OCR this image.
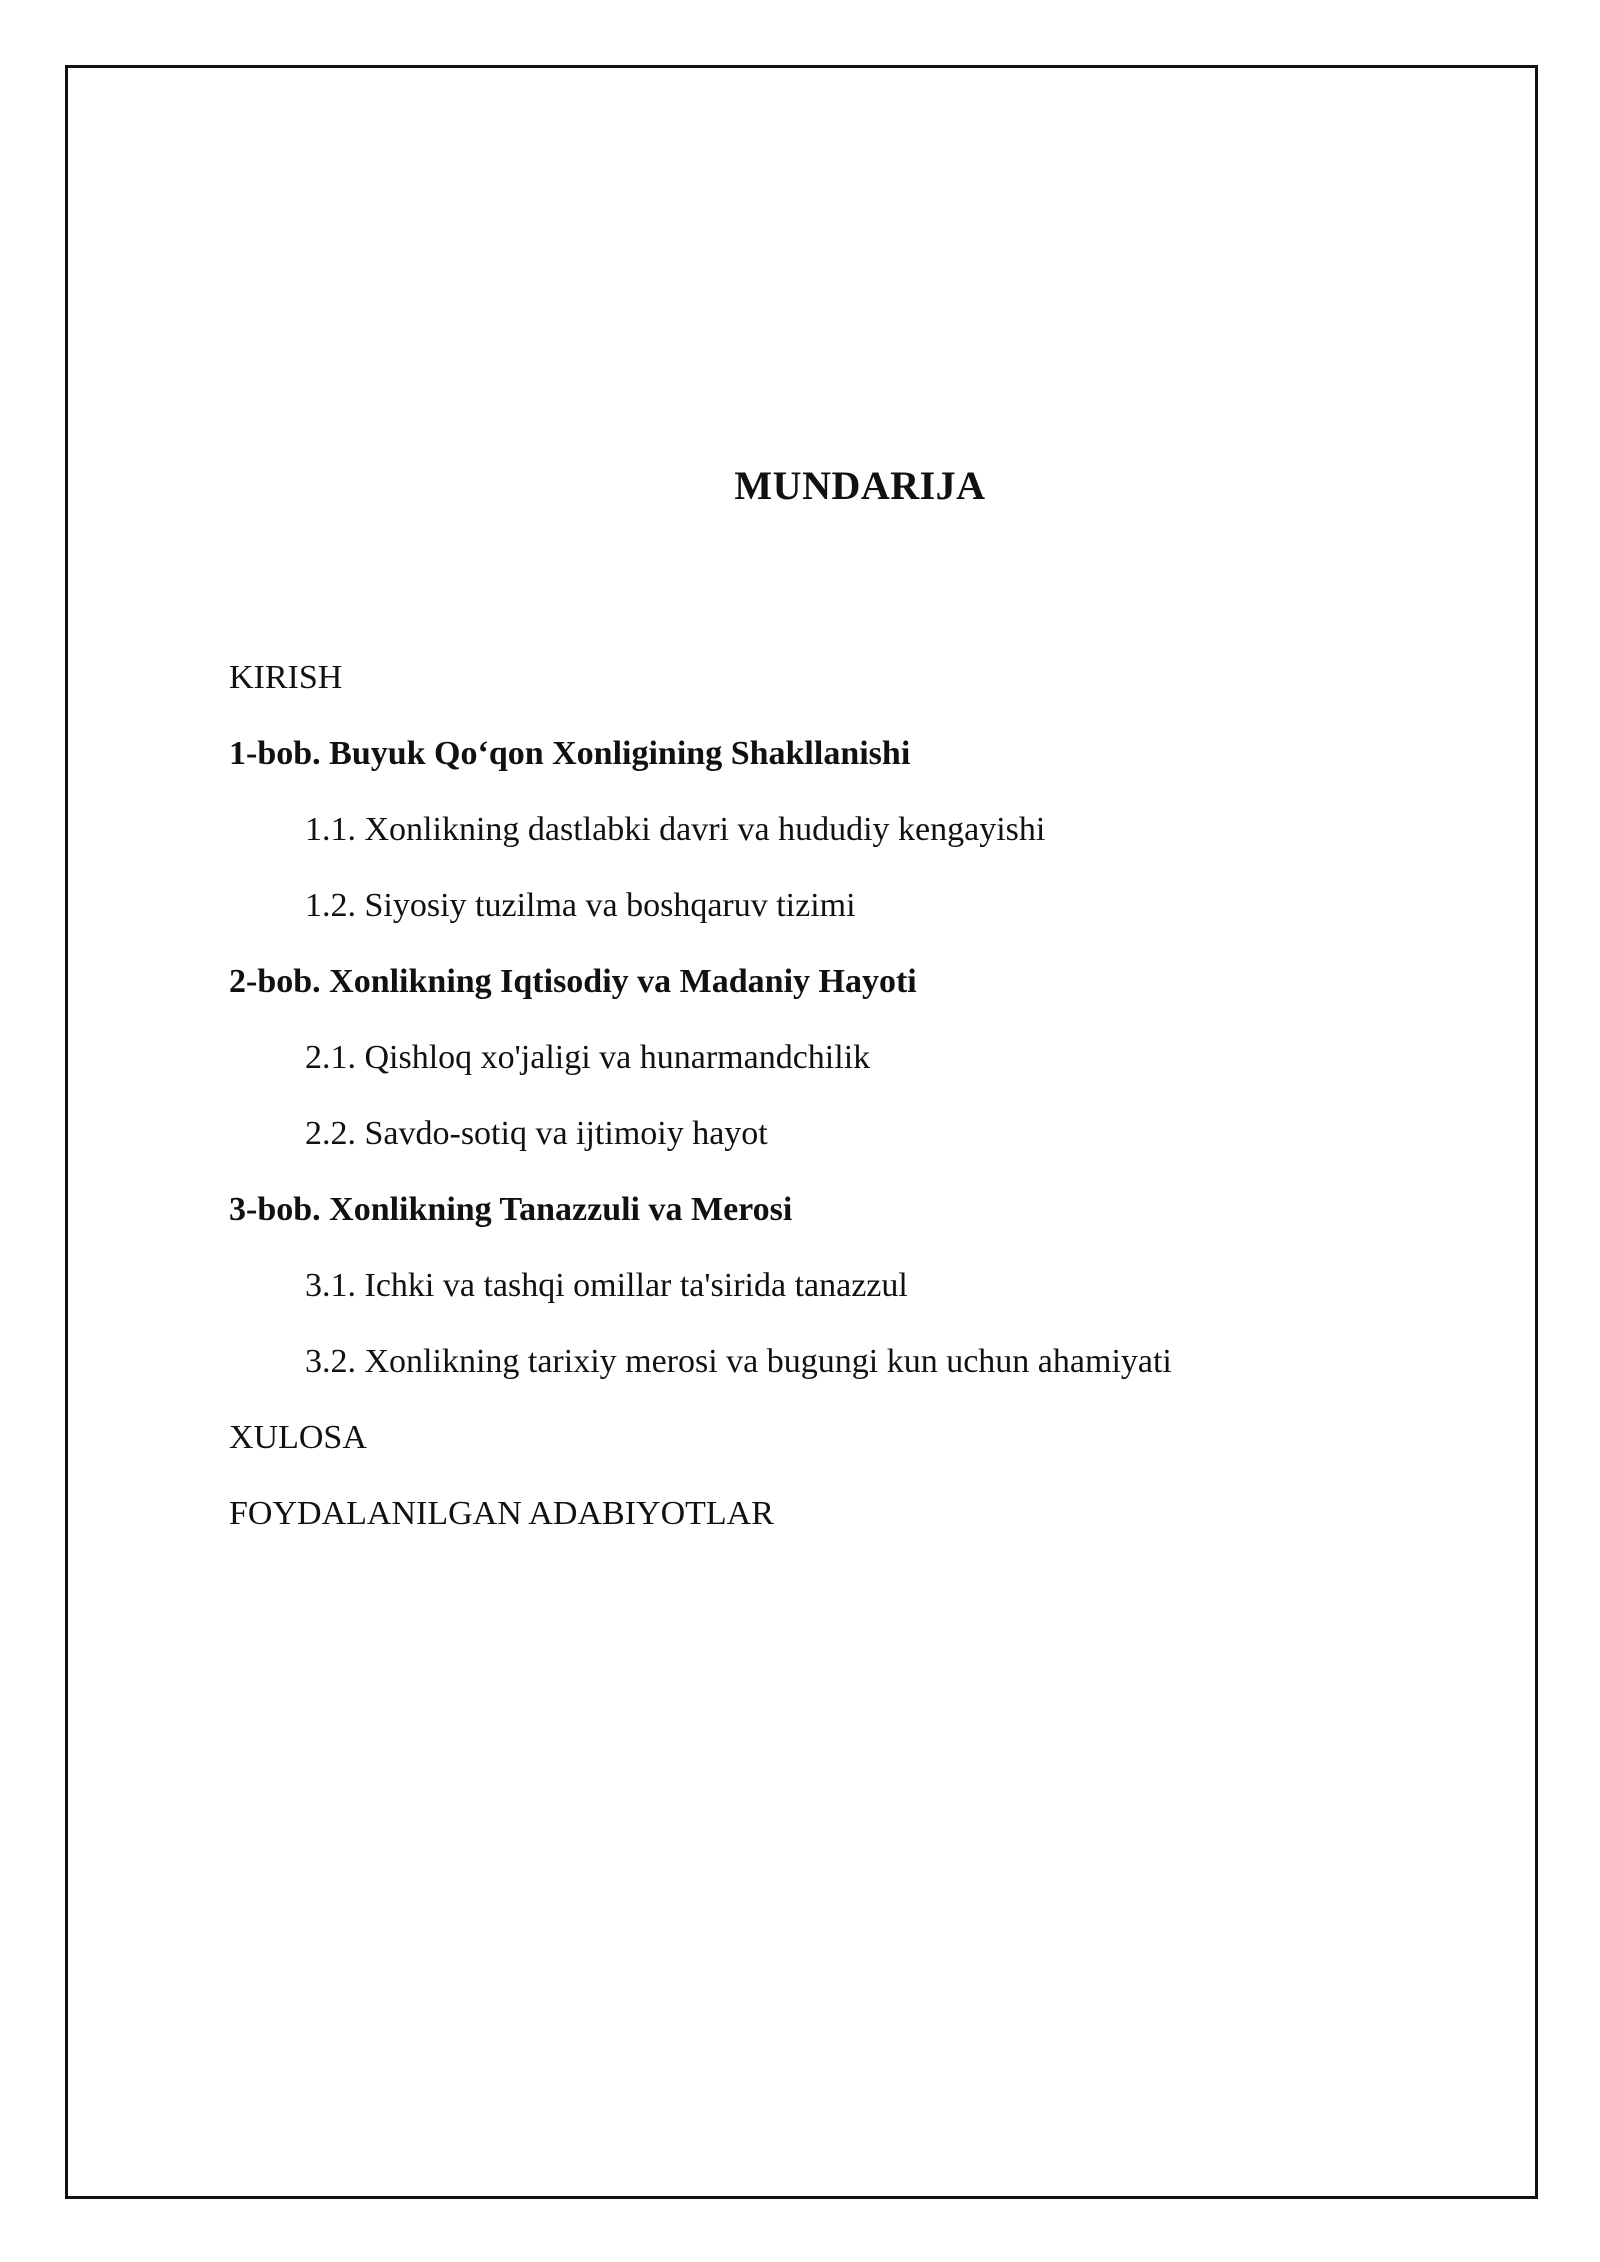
MUNDARIJA
KIRISH
1-bob. Buyuk Qo‘qon Xonligining Shakllanishi
1.1. Xonlikning dastlabki davri va hududiy kengayishi
1.2. Siyosiy tuzilma va boshqaruv tizimi
2-bob. Xonlikning Iqtisodiy va Madaniy Hayoti
2.1. Qishloq xo'jaligi va hunarmandchilik
2.2. Savdo-sotiq va ijtimoiy hayot
3-bob. Xonlikning Tanazzuli va Merosi
3.1. Ichki va tashqi omillar ta'sirida tanazzul
3.2. Xonlikning tarixiy merosi va bugungi kun uchun ahamiyati
XULOSA
FOYDALANILGAN ADABIYOTLAR
